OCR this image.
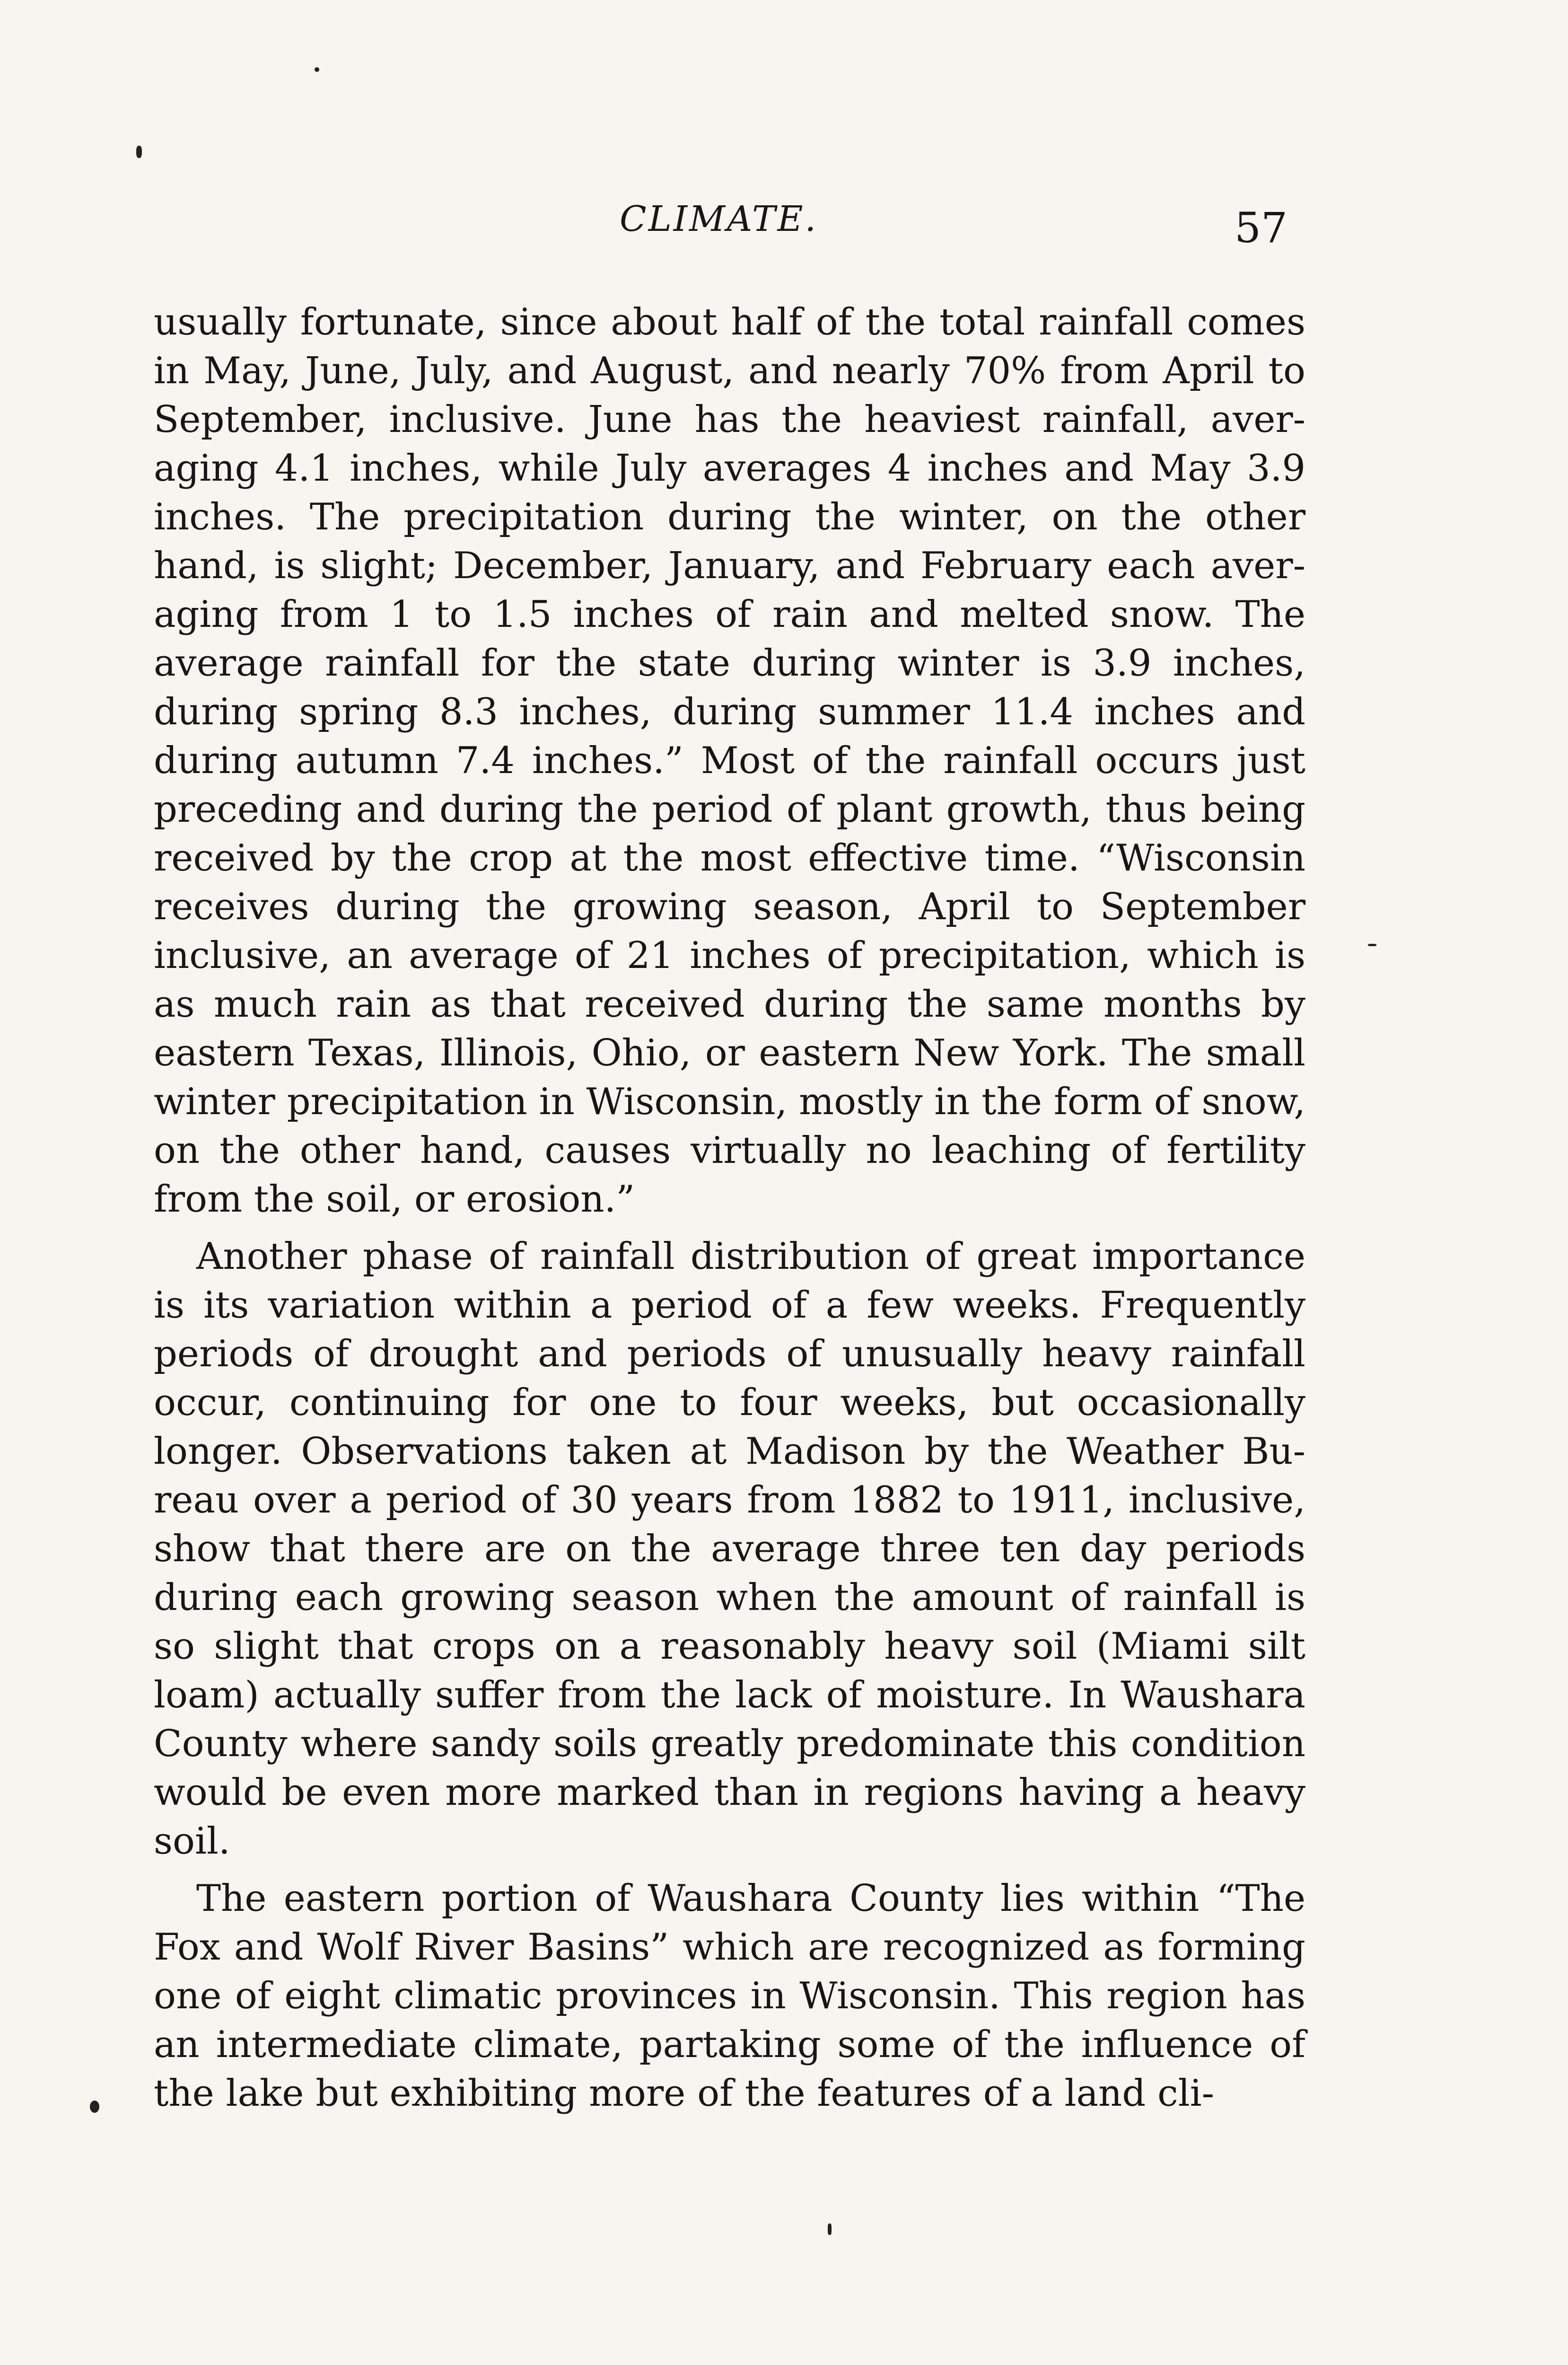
CLIMATE.	57

usually fortunate, since about half of the total rainfall comes in May, June, July, and August, and nearly 70% from April to September, inclusive. June has the heaviest rainfall, averaging 4.1 inches, while July averages 4 inches and May 3.9 inches. The precipitation during the winter, on the other hand, is slight; December, January, and February each averaging from 1 to 1.5 inches of rain and melted snow. The average rainfall for the state during winter is 3.9 inches, during spring 8.3 inches, during summer 11.4 inches and during autumn 7.4 inches.” Most of the rainfall occurs just preceding and during the period of plant growth, thus being received by the crop at the most effective time. “Wisconsin receives during the growing season, April to September inclusive, an average of 21 inches of precipitation, which is as much rain as that received during the same months by eastern Texas, Illinois, Ohio, or eastern New York. The small winter precipitation in Wisconsin, mostly in the form of snow, on the other hand, causes virtually no leaching of fertility from the soil, or erosion.”

Another phase of rainfall distribution of great importance is its variation within a period of a few weeks. Frequently periods of drought and periods of unusually heavy rainfall occur, continuing for one to four weeks, but occasionally longer. Observations taken at Madison by the Weather Bureau over a period of 30 years from 1882 to 1911, inclusive, show that there are on the average three ten day periods during each growing season when the amount of rainfall is so slight that crops on a reasonably heavy soil (Miami silt loam) actually suffer from the lack of moisture. In Waushara County where sandy soils greatly predominate this condition would be even more marked than in regions having a heavy soil.

The eastern portion of Waushara County lies within “The Fox and Wolf River Basins” which are recognized as forming one of eight climatic provinces in Wisconsin. This region has an intermediate climate, partaking some of the influence of the lake but exhibiting more of the features of a land cli-
